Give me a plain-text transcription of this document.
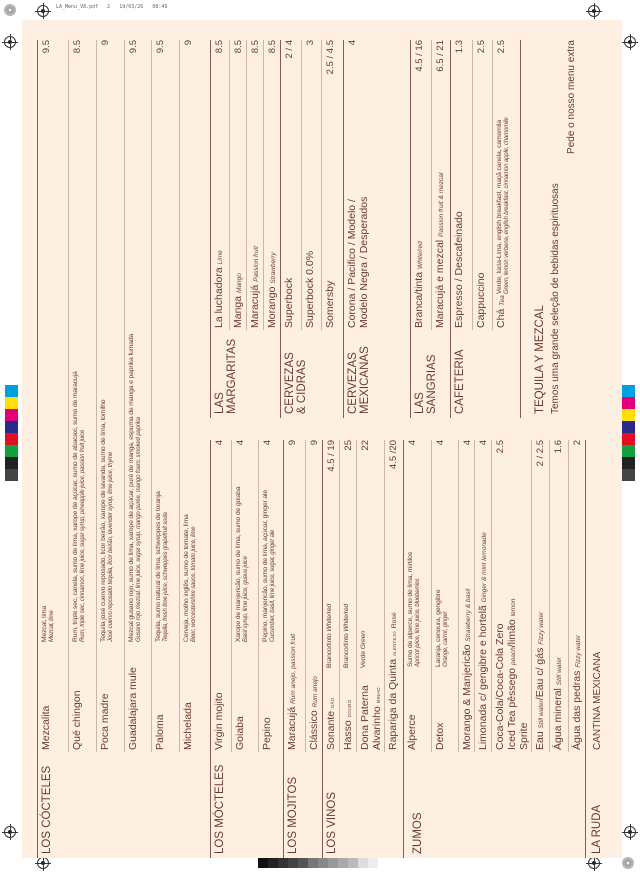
LA_Menu_V8.pdf   2   19/03/26   08:49
LOS CÓCTELES
Mezcalita
Mezcal, lima Mezcal, lime
9.5
Qué chingon
Rum, triple sec, canela, sumo de lima, xarope de açúcar, sumo de abacaxi, sumo de maracujá Rum, triple sec, cinnamon, lime juice, sugar syrup, pineapple juice, passion fruit juice
8.5
Poca madre
Tequila josé cuervo reposado, licor beirão, xarope de lavanda, sumo de lima, tomilho José cuervo reposado tequila, licor beirão, lavender syrup, lime juice, thyme
9
Guadalajara mule
Mezcal gusano rojo, sumo de lima, xarope de açúcar, puré de manga, espuma de manga e paprika fumada Gusano rojo mezcal, lime juice, sugar syrup, mango purée, mango foam, smoked paprika
9.5
Paloma
Tequila, sumo natural de lima, schweppes de toranja Tequila, fresh lime juice, schweppes grapefruit soda
9.5
Michelada
Cerveja, molho inglês, sumo de tomate, lima Beer, worcestershire sauce, tomato juice, lime
9
LOS MÓCTELES
Virgin mojito
4
Goiaba
Xarope de manjericão, sumo de lima, sumo de goiaba Basil syrup, lime juice, guava juice
4
Pepino
Pepino, manjericão, sumo de lima, açúcar, ginger ale Cucumber, basil, lime juice, sugar, ginger ale
4
LOS MOJITOS
Maracujá Rum anejo, passion fruit
9
Clássico Rum anejo
9
LOS VINOS
Sonante DÃO
Branco/tinto White/red
4.5 / 19
Hasso DOURO
Branco/tinto White/red
25
Dona Paterna
Alvarinho MINHO
Verde Green
22
Rapariga da Quinta ALENTEJO Rosé
4.5 /20
ZUMOS
Alperce
Sumo de alperce, sumo de lima, mirtilos Apricot juice, lime juice, blueberries
4
Detox
Laranja, cenoura, gengibre Orange, carrot, ginger
4
Morango & Manjericão Strawberry & basil
4
Limonada c/ gengibre e hortelã Ginger & mint lemonade
4
Coca-Cola/Coca-Cola Zero
Iced Tea pêssego peach/limão lemon
Sprite
2.5
Eau Still water/Eau c/ gás Fizzy water
2 / 2.5
Água mineral Still water
1.6
Água das pedras Fizzy water
2
LA RUDA
CANTINA MEXICANA
LAS MARGARITAS
La luchadora Lime
8.5
Manga Mango
8.5
Maracujá Passion fruit
8.5
Morango Strawberry
8.5
CERVEZAS
& CIDRAS
Superbock
2 / 4
Superbock 0.0%
3
Somersby
2.5 / 4.5
CERVEZAS
MEXICANAS
Corona / Pacifico / Modelo /
Modelo Negra / Desperados
4
LAS SANGRIAS
Branca/tinta White/red
4.5 / 16
Maracujá e mezcal Passion fruit & mezcal
6.5 / 21
CAFETERIA
Espresso / Descafeinado
1.3
Cappuccino
2.5
Chá Tea
Verde, lúcia-Lima, english breakfast, maçã canela, camomila Green, lemon verbena, english breakfast, cinnamon apple, chamomile
2.5
TEQUILA Y MEZCAL Temos uma grande seleção de bebidas espirituosas
Pede o nosso menu extra
